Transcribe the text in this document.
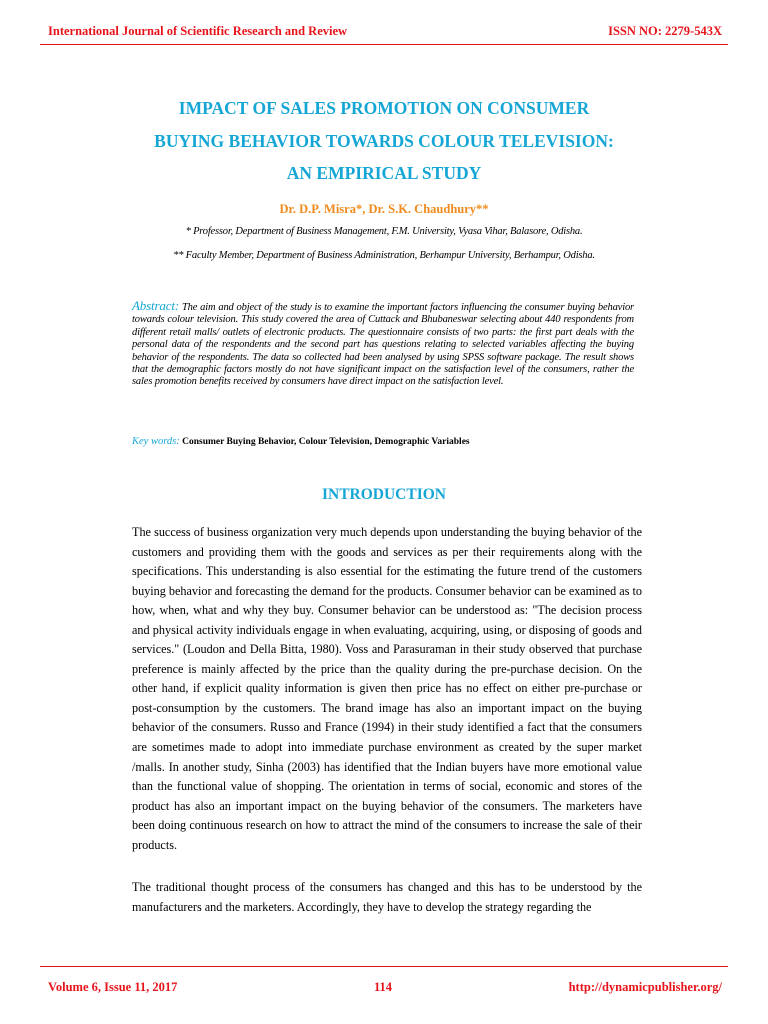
International Journal of Scientific Research and Review	ISSN NO: 2279-543X
IMPACT OF SALES PROMOTION ON CONSUMER
BUYING BEHAVIOR TOWARDS COLOUR TELEVISION:
AN EMPIRICAL STUDY
Dr. D.P. Misra*, Dr. S.K. Chaudhury**
* Professor, Department of Business Management, F.M. University, Vyasa Vihar, Balasore, Odisha.
** Faculty Member, Department of Business Administration, Berhampur University, Berhampur, Odisha.
Abstract: The aim and object of the study is to examine the important factors influencing the consumer buying behavior towards colour television. This study covered the area of Cuttack and Bhubaneswar selecting about 440 respondents from different retail malls/ outlets of electronic products. The questionnaire consists of two parts: the first part deals with the personal data of the respondents and the second part has questions relating to selected variables affecting the buying behavior of the respondents. The data so collected had been analysed by using SPSS software package. The result shows that the demographic factors mostly do not have significant impact on the satisfaction level of the consumers, rather the sales promotion benefits received by consumers have direct impact on the satisfaction level.
Key words: Consumer Buying Behavior, Colour Television, Demographic Variables
INTRODUCTION
The success of business organization very much depends upon understanding the buying behavior of the customers and providing them with the goods and services as per their requirements along with the specifications. This understanding is also essential for the estimating the future trend of the customers buying behavior and forecasting the demand for the products. Consumer behavior can be examined as to how, when, what and why they buy. Consumer behavior can be understood as: "The decision process and physical activity individuals engage in when evaluating, acquiring, using, or disposing of goods and services." (Loudon and Della Bitta, 1980). Voss and Parasuraman in their study observed that purchase preference is mainly affected by the price than the quality during the pre-purchase decision. On the other hand, if explicit quality information is given then price has no effect on either pre-purchase or post-consumption by the customers. The brand image has also an important impact on the buying behavior of the consumers. Russo and France (1994) in their study identified a fact that the consumers are sometimes made to adopt into immediate purchase environment as created by the super market /malls. In another study, Sinha (2003) has identified that the Indian buyers have more emotional value than the functional value of shopping. The orientation in terms of social, economic and stores of the product has also an important impact on the buying behavior of the consumers. The marketers have been doing continuous research on how to attract the mind of the consumers to increase the sale of their products.
The traditional thought process of the consumers has changed and this has to be understood by the manufacturers and the marketers. Accordingly, they have to develop the strategy regarding the
Volume 6, Issue 11, 2017	114	http://dynamicpublisher.org/
